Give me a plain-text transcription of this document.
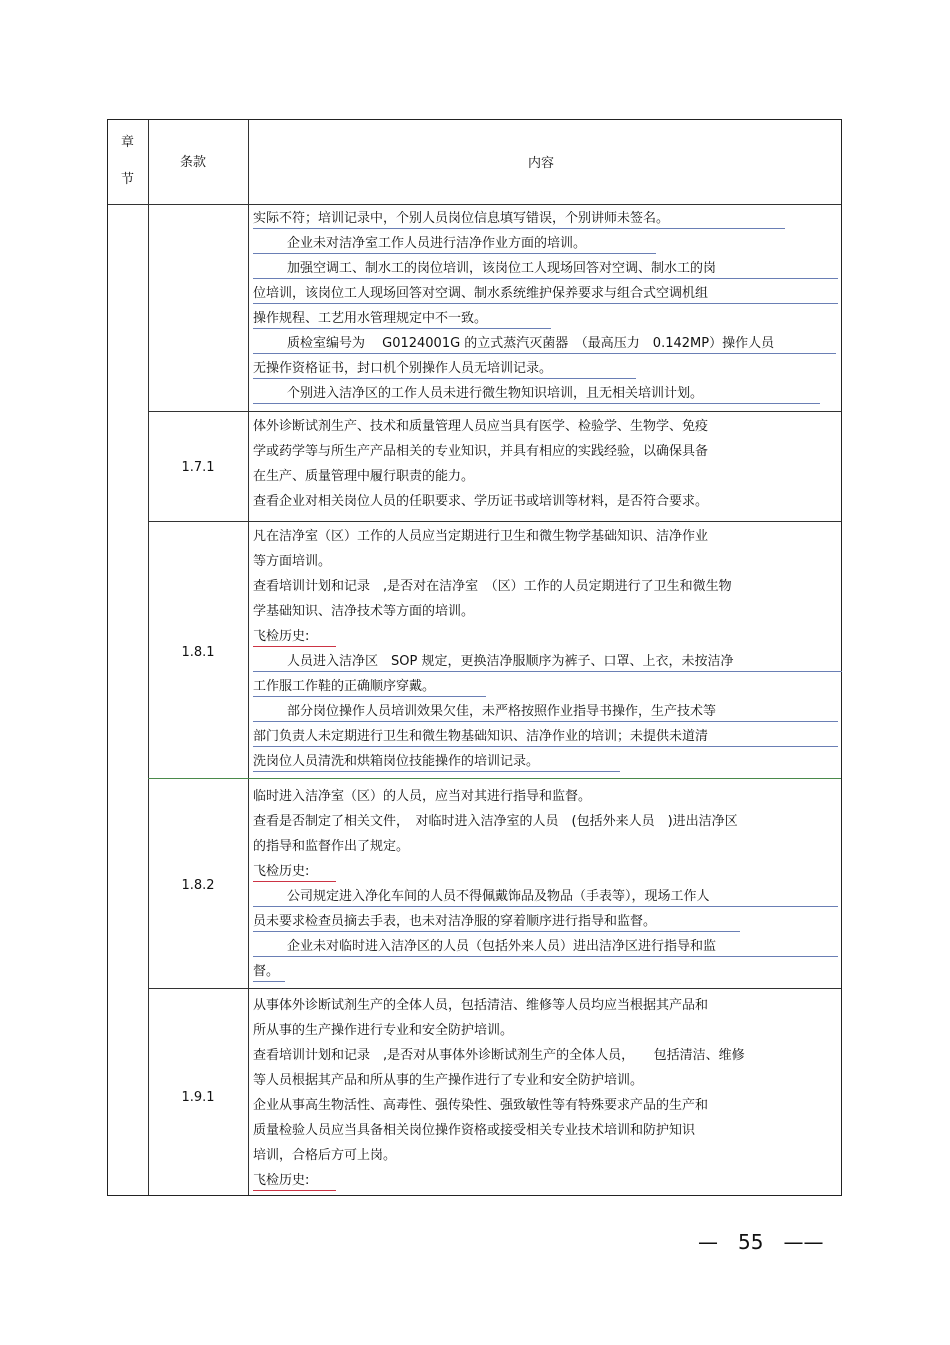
章
节
条款	内容
实际不符；培训记录中，个别人员岗位信息填写错误，个别讲师未签名。
企业未对洁净室工作人员进行洁净作业方面的培训。
加强空调工、制水工的岗位培训，该岗位工人现场回答对空调、制水工的岗
位培训，该岗位工人现场回答对空调、制水系统维护保养要求与组合式空调机组
操作规程、工艺用水管理规定中不一致。
质检室编号为　 G0124001G 的立式蒸汽灭菌器　（最高压力　0.142MP）操作人员
无操作资格证书，封口机个别操作人员无培训记录。
个别进入洁净区的工作人员未进行微生物知识培训，且无相关培训计划。
1.7.1
体外诊断试剂生产、技术和质量管理人员应当具有医学、检验学、生物学、免疫
学或药学等与所生产产品相关的专业知识，并具有相应的实践经验，以确保具备
在生产、质量管理中履行职责的能力。
查看企业对相关岗位人员的任职要求、学历证书或培训等材料，是否符合要求。
1.8.1
凡在洁净室（区）工作的人员应当定期进行卫生和微生物学基础知识、洁净作业
等方面培训。
查看培训计划和记录　,是否对在洁净室　（区）工作的人员定期进行了卫生和微生物
学基础知识、洁净技术等方面的培训。
飞检历史:
人员进入洁净区　SOP 规定，更换洁净服顺序为裤子、口罩、上衣，未按洁净
工作服工作鞋的正确顺序穿戴。
部分岗位操作人员培训效果欠佳，未严格按照作业指导书操作，生产技术等
部门负责人未定期进行卫生和微生物基础知识、洁净作业的培训；未提供未道清
洗岗位人员清洗和烘箱岗位技能操作的培训记录。
1.8.2
临时进入洁净室（区）的人员，应当对其进行指导和监督。
查看是否制定了相关文件，　对临时进入洁净室的人员　(包括外来人员　)进出洁净区
的指导和监督作出了规定。
飞检历史:
公司规定进入净化车间的人员不得佩戴饰品及物品（手表等），现场工作人
员未要求检查员摘去手表，也未对洁净服的穿着顺序进行指导和监督。
企业未对临时进入洁净区的人员（包括外来人员）进出洁净区进行指导和监
督。
1.9.1
从事体外诊断试剂生产的全体人员，包括清洁、维修等人员均应当根据其产品和
所从事的生产操作进行专业和安全防护培训。
查看培训计划和记录　,是否对从事体外诊断试剂生产的全体人员，　　包括清洁、维修
等人员根据其产品和所从事的生产操作进行了专业和安全防护培训。
企业从事高生物活性、高毒性、强传染性、强致敏性等有特殊要求产品的生产和
质量检验人员应当具备相关岗位操作资格或接受相关专业技术培训和防护知识
培训，合格后方可上岗。
飞检历史:
—　55　——
